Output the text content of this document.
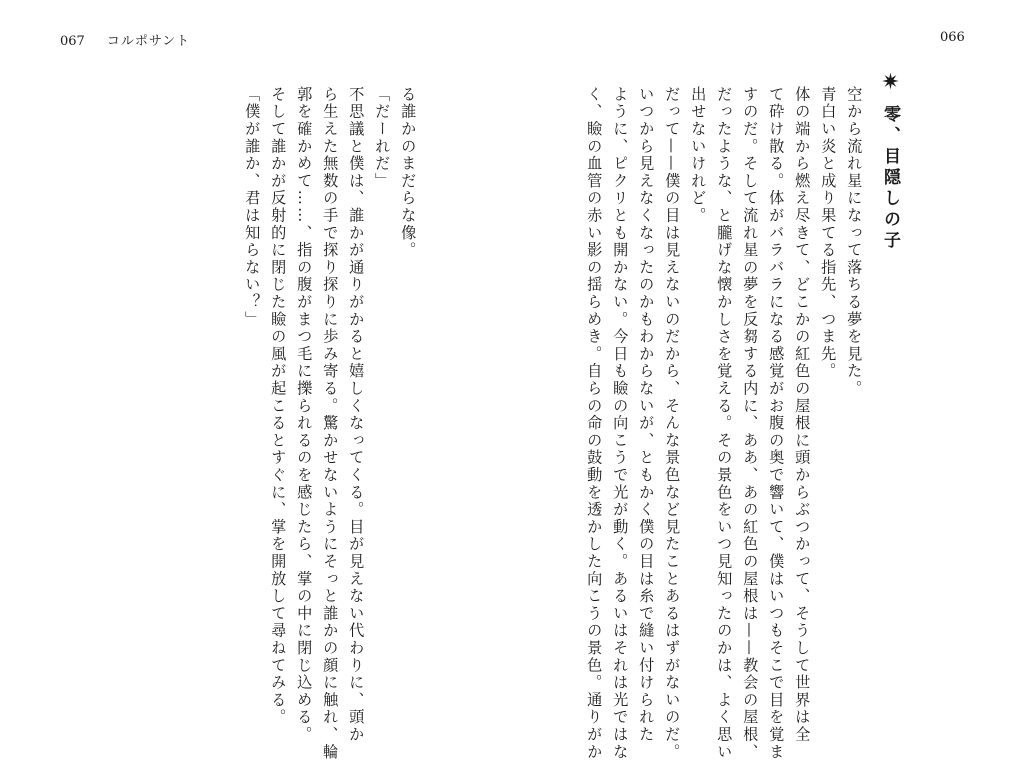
067 コルポサント	066
✷
零、目隠しの子
空から流れ星になって落ちる夢を見た。
青白い炎と成り果てる指先、つま先。
体の端から燃え尽きて、どこかの紅色の屋根に頭からぶつかって、そうして世界は全
て砕け散る。体がバラバラになる感覚がお腹の奥で響いて、僕はいつもそこで目を覚ま
すのだ。そして流れ星の夢を反芻する内に、ああ、あの紅色の屋根は——教会の屋根、
だったような、と朧げな懐かしさを覚える。その景色をいつ見知ったのかは、よく思い
出せないけれど。
だって——僕の目は見えないのだから、そんな景色など見たことあるはずがないのだ。
いつから見えなくなったのかもわからないが、ともかく僕の目は糸で縫い付けられた
ように、ピクリとも開かない。今日も瞼の向こうで光が動く。あるいはそれは光ではな
く、瞼の血管の赤い影の揺らめき。自らの命の鼓動を透かした向こうの景色。通りがか
る誰かのまだらな像。
「だーれだ」
不思議と僕は、誰かが通りがかると嬉しくなってくる。目が見えない代わりに、頭か
ら生えた無数の手で探り探りに歩み寄る。驚かせないようにそっと誰かの顔に触れ、輪
郭を確かめて……、指の腹がまつ毛に擽られるのを感じたら、掌の中に閉じ込める。
そして誰かが反射的に閉じた瞼の風が起こるとすぐに、掌を開放して尋ねてみる。
「僕が誰か、君は知らない？」
